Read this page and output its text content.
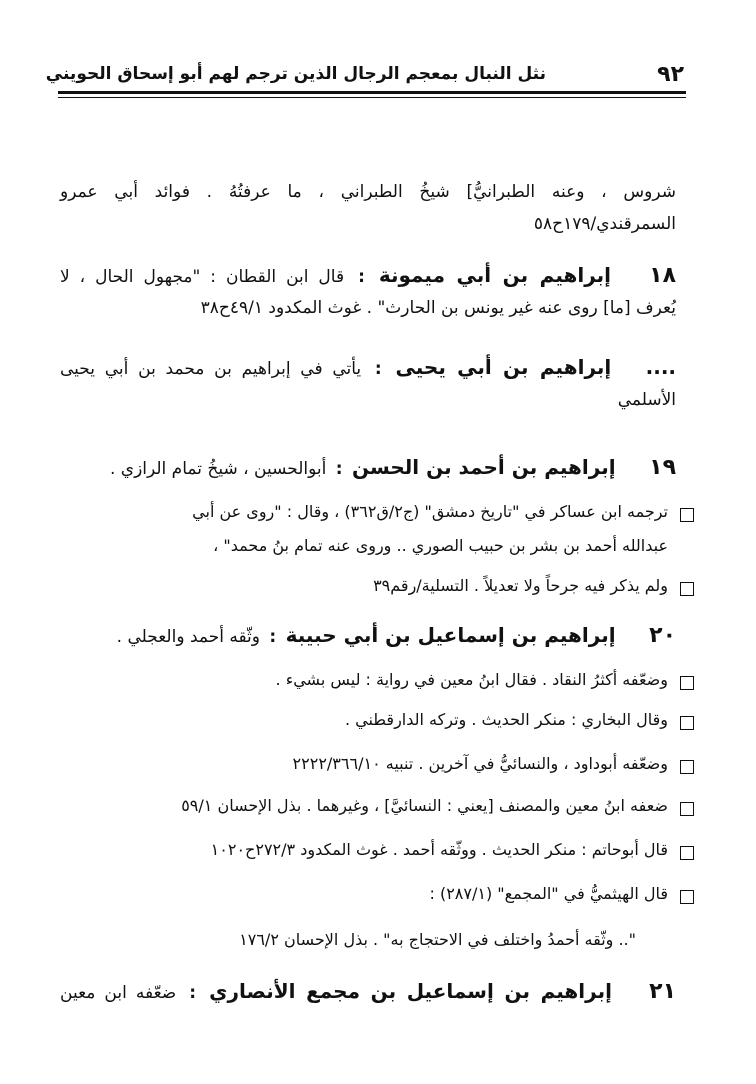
٩٢
نثل النبال بمعجم الرجال الذين ترجم لهم أبو إسحاق الحويني
شروس ، وعنه الطبرانيُّ] شيخُ الطبراني ، ما عرفتُهُ . فوائد أبي عمرو
السمرقندي/١٧٩ح٥٨
١٨ إبراهيم بن أبي ميمونة : قال ابن القطان : "مجهول الحال ، لا
يُعرف [ما] روى عنه غير يونس بن الحارث" . غوث المكدود ٤٩/١ح٣٨
.... إبراهيم بن أبي يحيى : يأتي في إبراهيم بن محمد بن أبي يحيى
الأسلمي
١٩ إبراهيم بن أحمد بن الحسن : أبوالحسين ، شيخُ تمام الرازي .
ترجمه ابن عساكر في "تاريخ دمشق" (ج٢/ق٣٦٢) ، وقال : "روى عن أبي
عبدالله أحمد بن بشر بن حبيب الصوري .. وروى عنه تمام بنُ محمد" ،
ولم يذكر فيه جرحاً ولا تعديلاً . التسلية/رقم٣٩
٢٠ إبراهيم بن إسماعيل بن أبي حبيبة : وثّقه أحمد والعجلي .
وضعّفه أكثرُ النقاد . فقال ابنُ معين في رواية : ليس بشيء .
وقال البخاري : منكر الحديث . وتركه الدارقطني .
وضعّفه أبوداود ، والنسائيُّ في آخرين . تنبيه ٢٢٢٢/٣٦٦/١٠
ضعفه ابنُ معين والمصنف [يعني : النسائيَّ] ، وغيرهما . بذل الإحسان ٥٩/١
قال أبوحاتم : منكر الحديث . ووثّقه أحمد . غوث المكدود ٢٧٢/٣ح١٠٢٠
قال الهيثميُّ في "المجمع" (٢٨٧/١) :
".. وثّقه أحمدُ واختلف في الاحتجاج به" . بذل الإحسان ١٧٦/٢
٢١ إبراهيم بن إسماعيل بن مجمع الأنصاري : ضعّفه ابن معين
